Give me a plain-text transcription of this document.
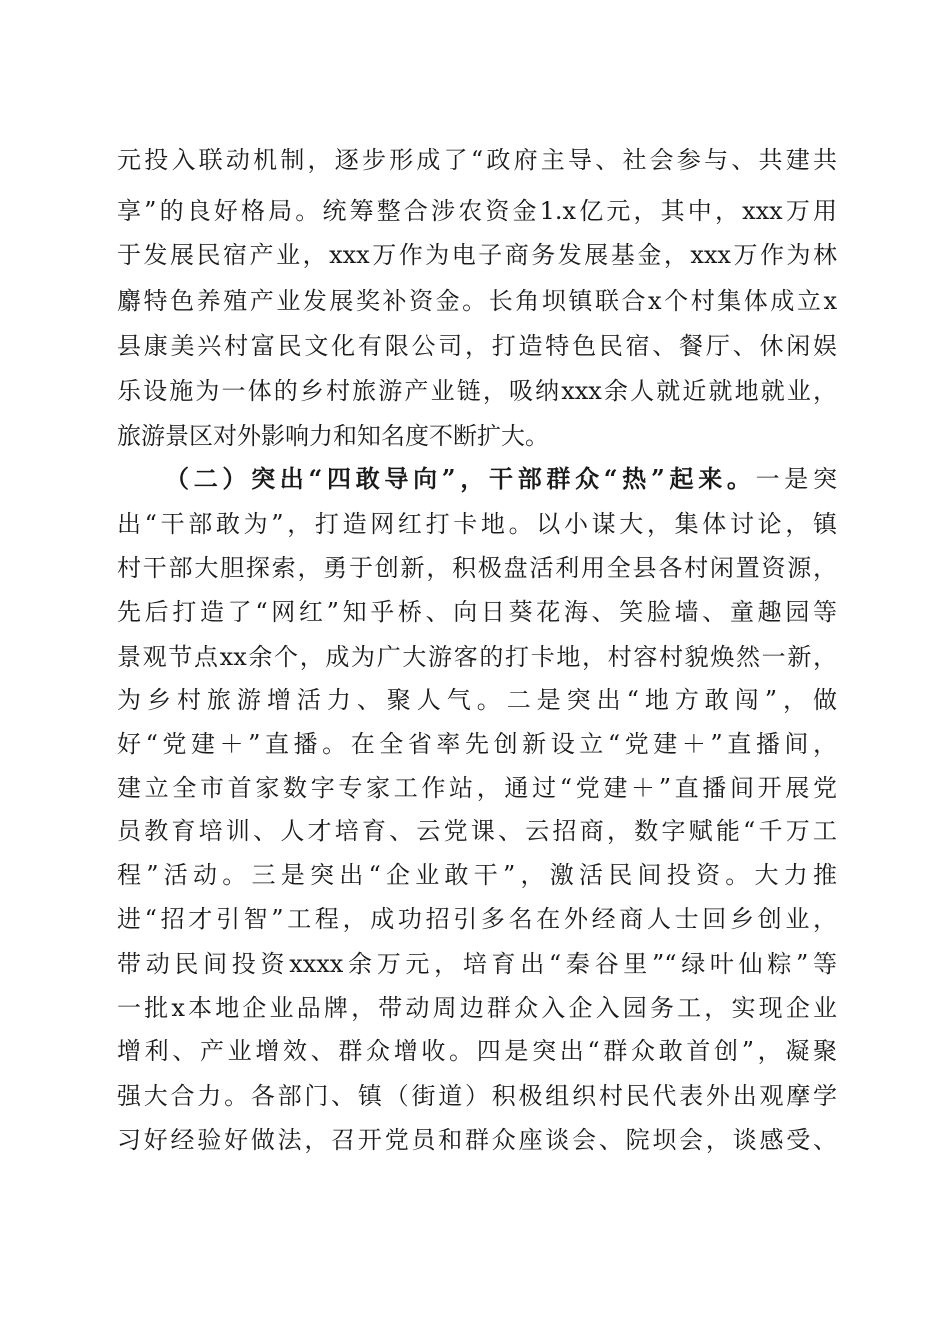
元投入联动机制，逐步形成了“政府主导、社会参与、共建共
享”的良好格局。统筹整合涉农资金1.x亿元，其中，xxx万用
于发展民宿产业，xxx万作为电子商务发展基金，xxx万作为林
麝特色养殖产业发展奖补资金。长角坝镇联合x个村集体成立x
县康美兴村富民文化有限公司，打造特色民宿、餐厅、休闲娱
乐设施为一体的乡村旅游产业链，吸纳xxx余人就近就地就业，
旅游景区对外影响力和知名度不断扩大。
（二）突出“四敢导向”，干部群众“热”起来。一是突
出“干部敢为”，打造网红打卡地。以小谋大，集体讨论，镇
村干部大胆探索，勇于创新，积极盘活利用全县各村闲置资源，
先后打造了“网红”知乎桥、向日葵花海、笑脸墙、童趣园等
景观节点xx余个，成为广大游客的打卡地，村容村貌焕然一新，
为乡村旅游增活力、聚人气。二是突出“地方敢闯”，做
好“党建＋”直播。在全省率先创新设立“党建＋”直播间，
建立全市首家数字专家工作站，通过“党建＋”直播间开展党
员教育培训、人才培育、云党课、云招商，数字赋能“千万工
程”活动。三是突出“企业敢干”，激活民间投资。大力推
进“招才引智”工程，成功招引多名在外经商人士回乡创业，
带动民间投资xxxx余万元，培育出“秦谷里”“绿叶仙粽”等
一批x本地企业品牌，带动周边群众入企入园务工，实现企业
增利、产业增效、群众增收。四是突出“群众敢首创”，凝聚
强大合力。各部门、镇（街道）积极组织村民代表外出观摩学
习好经验好做法，召开党员和群众座谈会、院坝会，谈感受、
